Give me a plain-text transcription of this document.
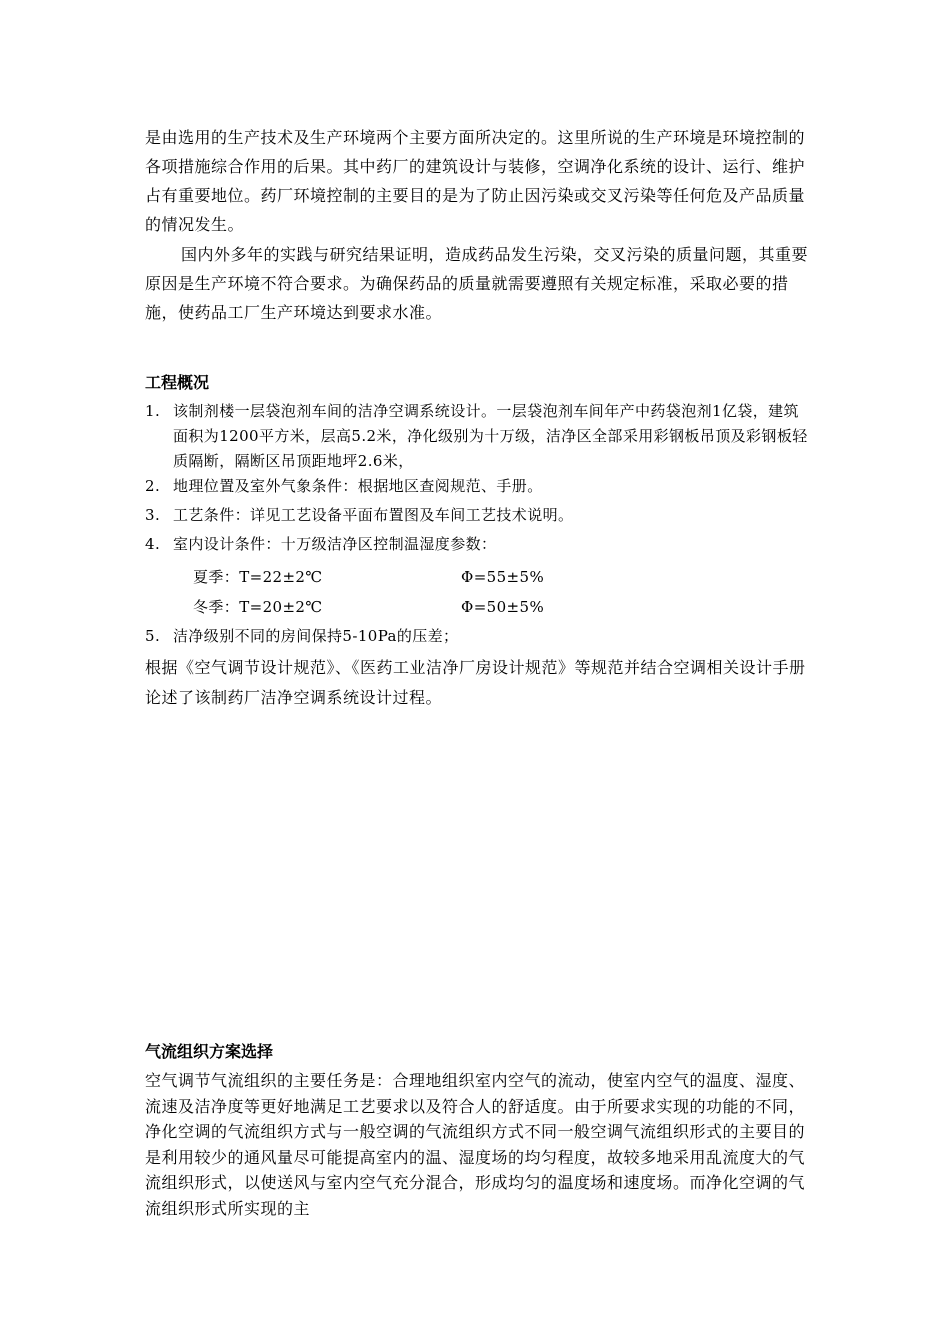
是由选用的生产技术及生产环境两个主要方面所决定的。这里所说的生产环境是环境控制的各项措施综合作用的后果。其中药厂的建筑设计与装修，空调净化系统的设计、运行、维护占有重要地位。药厂环境控制的主要目的是为了防止因污染或交叉污染等任何危及产品质量的情况发生。

国内外多年的实践与研究结果证明，造成药品发生污染，交叉污染的质量问题，其重要原因是生产环境不符合要求。为确保药品的质量就需要遵照有关规定标准，采取必要的措施，使药品工厂生产环境达到要求水准。

工程概况
1. 该制剂楼一层袋泡剂车间的洁净空调系统设计。一层袋泡剂车间年产中药袋泡剂1亿袋，建筑面积为1200平方米，层高5.2米，净化级别为十万级，洁净区全部采用彩钢板吊顶及彩钢板轻质隔断，隔断区吊顶距地坪2.6米，
2. 地理位置及室外气象条件：根据地区查阅规范、手册。
3. 工艺条件：详见工艺设备平面布置图及车间工艺技术说明。
4. 室内设计条件：十万级洁净区控制温湿度参数：
夏季：T=22±2℃	Φ=55±5%
冬季：T=20±2℃	Φ=50±5%
5. 洁净级别不同的房间保持5-10Pa的压差；

根据《空气调节设计规范》、《医药工业洁净厂房设计规范》等规范并结合空调相关设计手册论述了该制药厂洁净空调系统设计过程。

气流组织方案选择

空气调节气流组织的主要任务是：合理地组织室内空气的流动，使室内空气的温度、湿度、流速及洁净度等更好地满足工艺要求以及符合人的舒适度。由于所要求实现的功能的不同，净化空调的气流组织方式与一般空调的气流组织方式不同一般空调气流组织形式的主要目的是利用较少的通风量尽可能提高室内的温、湿度场的均匀程度，故较多地采用乱流度大的气流组织形式，以使送风与室内空气充分混合，形成均匀的温度场和速度场。而净化空调的气流组织形式所实现的主
